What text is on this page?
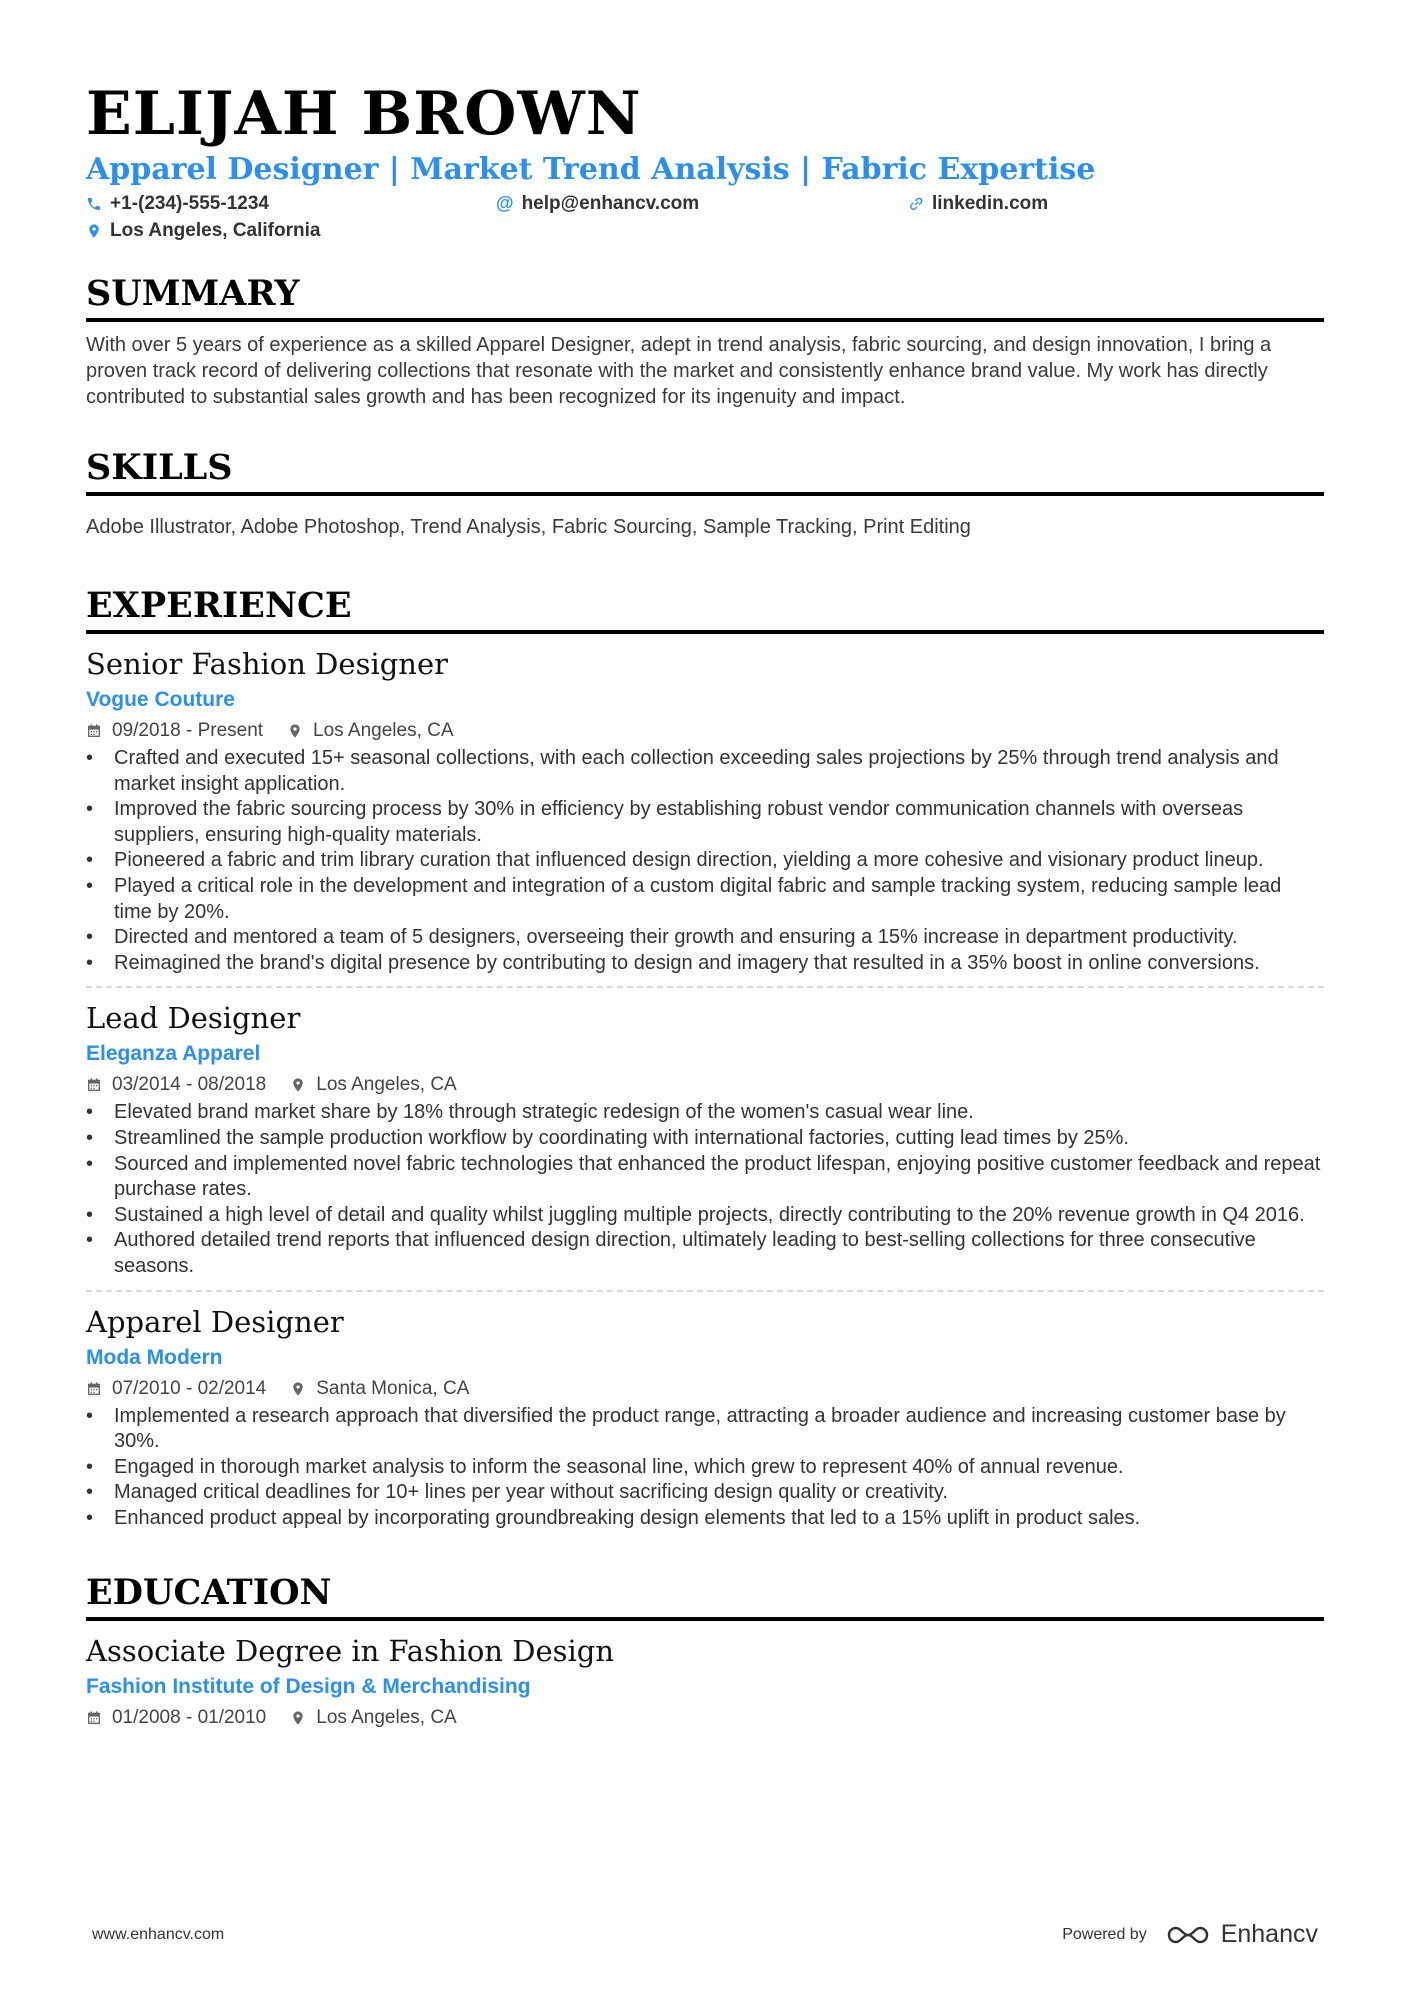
ELIJAH BROWN
Apparel Designer | Market Trend Analysis | Fabric Expertise
+1-(234)-555-1234	@ help@enhancv.com	linkedin.com
Los Angeles, California
SUMMARY

With over 5 years of experience as a skilled Apparel Designer, adept in trend analysis, fabric sourcing, and design innovation, I bring a proven track record of delivering collections that resonate with the market and consistently enhance brand value. My work has directly contributed to substantial sales growth and has been recognized for its ingenuity and impact.

SKILLS

Adobe Illustrator, Adobe Photoshop, Trend Analysis, Fabric Sourcing, Sample Tracking, Print Editing

EXPERIENCE
Senior Fashion Designer
Vogue Couture
09/2018 - Present	Los Angeles, CA
• Crafted and executed 15+ seasonal collections, with each collection exceeding sales projections by 25% through trend analysis and market insight application.
• Improved the fabric sourcing process by 30% in efficiency by establishing robust vendor communication channels with overseas suppliers, ensuring high-quality materials.
• Pioneered a fabric and trim library curation that influenced design direction, yielding a more cohesive and visionary product lineup.
• Played a critical role in the development and integration of a custom digital fabric and sample tracking system, reducing sample lead time by 20%.
• Directed and mentored a team of 5 designers, overseeing their growth and ensuring a 15% increase in department productivity.
• Reimagined the brand's digital presence by contributing to design and imagery that resulted in a 35% boost in online conversions.
Lead Designer
Eleganza Apparel
03/2014 - 08/2018	Los Angeles, CA
• Elevated brand market share by 18% through strategic redesign of the women's casual wear line.
• Streamlined the sample production workflow by coordinating with international factories, cutting lead times by 25%.
• Sourced and implemented novel fabric technologies that enhanced the product lifespan, enjoying positive customer feedback and repeat purchase rates.
• Sustained a high level of detail and quality whilst juggling multiple projects, directly contributing to the 20% revenue growth in Q4 2016.
• Authored detailed trend reports that influenced design direction, ultimately leading to best-selling collections for three consecutive seasons.
Apparel Designer
Moda Modern
07/2010 - 02/2014	Santa Monica, CA
• Implemented a research approach that diversified the product range, attracting a broader audience and increasing customer base by 30%.
• Engaged in thorough market analysis to inform the seasonal line, which grew to represent 40% of annual revenue.
• Managed critical deadlines for 10+ lines per year without sacrificing design quality or creativity.
• Enhanced product appeal by incorporating groundbreaking design elements that led to a 15% uplift in product sales.
EDUCATION
Associate Degree in Fashion Design
Fashion Institute of Design & Merchandising
01/2008 - 01/2010	Los Angeles, CA
www.enhancv.com	Powered by	Enhancv
